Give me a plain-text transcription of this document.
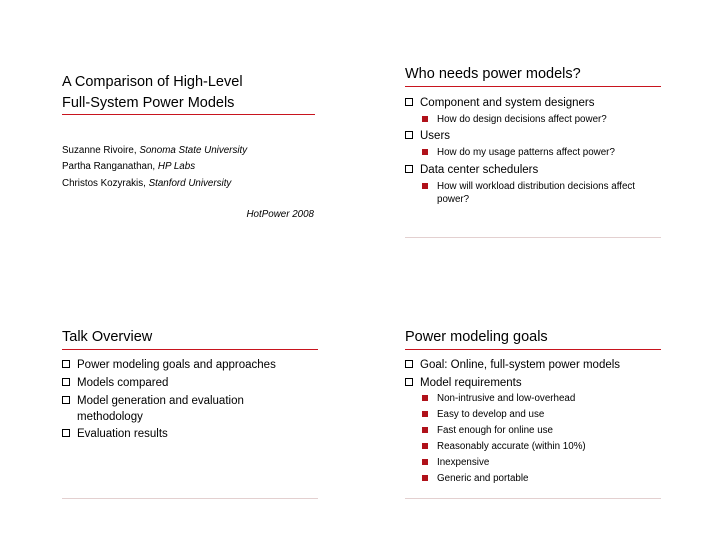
A Comparison of High-Level
Full-System Power Models
Suzanne Rivoire, Sonoma State University
Partha Ranganathan, HP Labs
Christos Kozyrakis, Stanford University
HotPower 2008
Who needs power models?
Component and system designers
How do design decisions affect power?
Users
How do my usage patterns affect power?
Data center schedulers
How will workload distribution decisions affect
power?
Talk Overview
Power modeling goals and approaches
Models compared
Model generation and evaluation
methodology
Evaluation results
Power modeling goals
Goal: Online, full-system power models
Model requirements
Non-intrusive and low-overhead
Easy to develop and use
Fast enough for online use
Reasonably accurate (within 10%)
Inexpensive
Generic and portable
